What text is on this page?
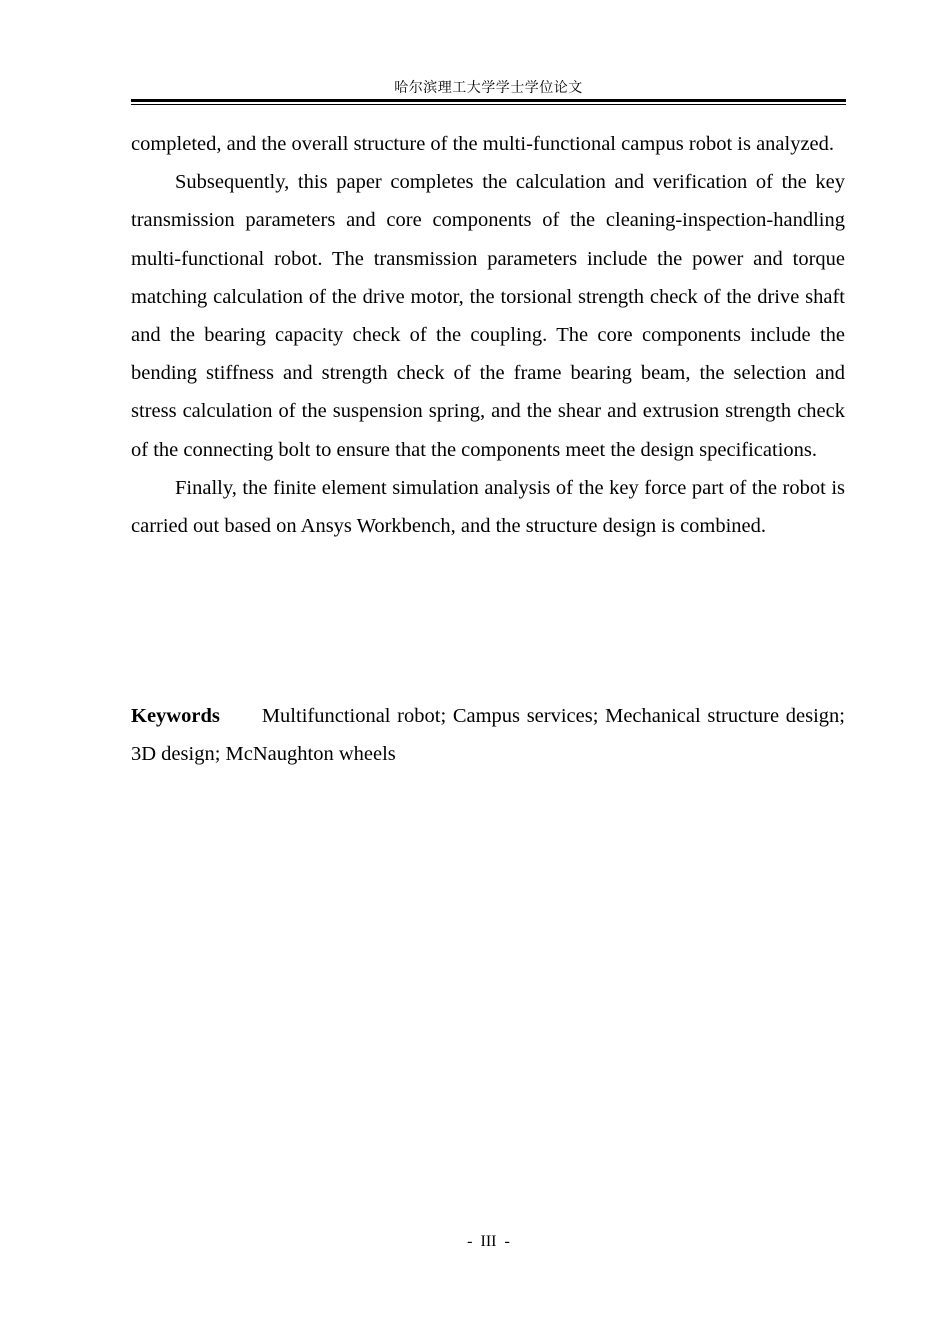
哈尔滨理工大学学士学位论文

completed, and the overall structure of the multi-functional campus robot is analyzed.

Subsequently, this paper completes the calculation and verification of the key transmission parameters and core components of the cleaning-inspection-handling multi-functional robot. The transmission parameters include the power and torque matching calculation of the drive motor, the torsional strength check of the drive shaft and the bearing capacity check of the coupling. The core components include the bending stiffness and strength check of the frame bearing beam, the selection and stress calculation of the suspension spring, and the shear and extrusion strength check of the connecting bolt to ensure that the components meet the design specifications.

Finally, the finite element simulation analysis of the key force part of the robot is carried out based on Ansys Workbench, and the structure design is combined.

Keywords Multifunctional robot; Campus services; Mechanical structure design; 3D design; McNaughton wheels
- III -
